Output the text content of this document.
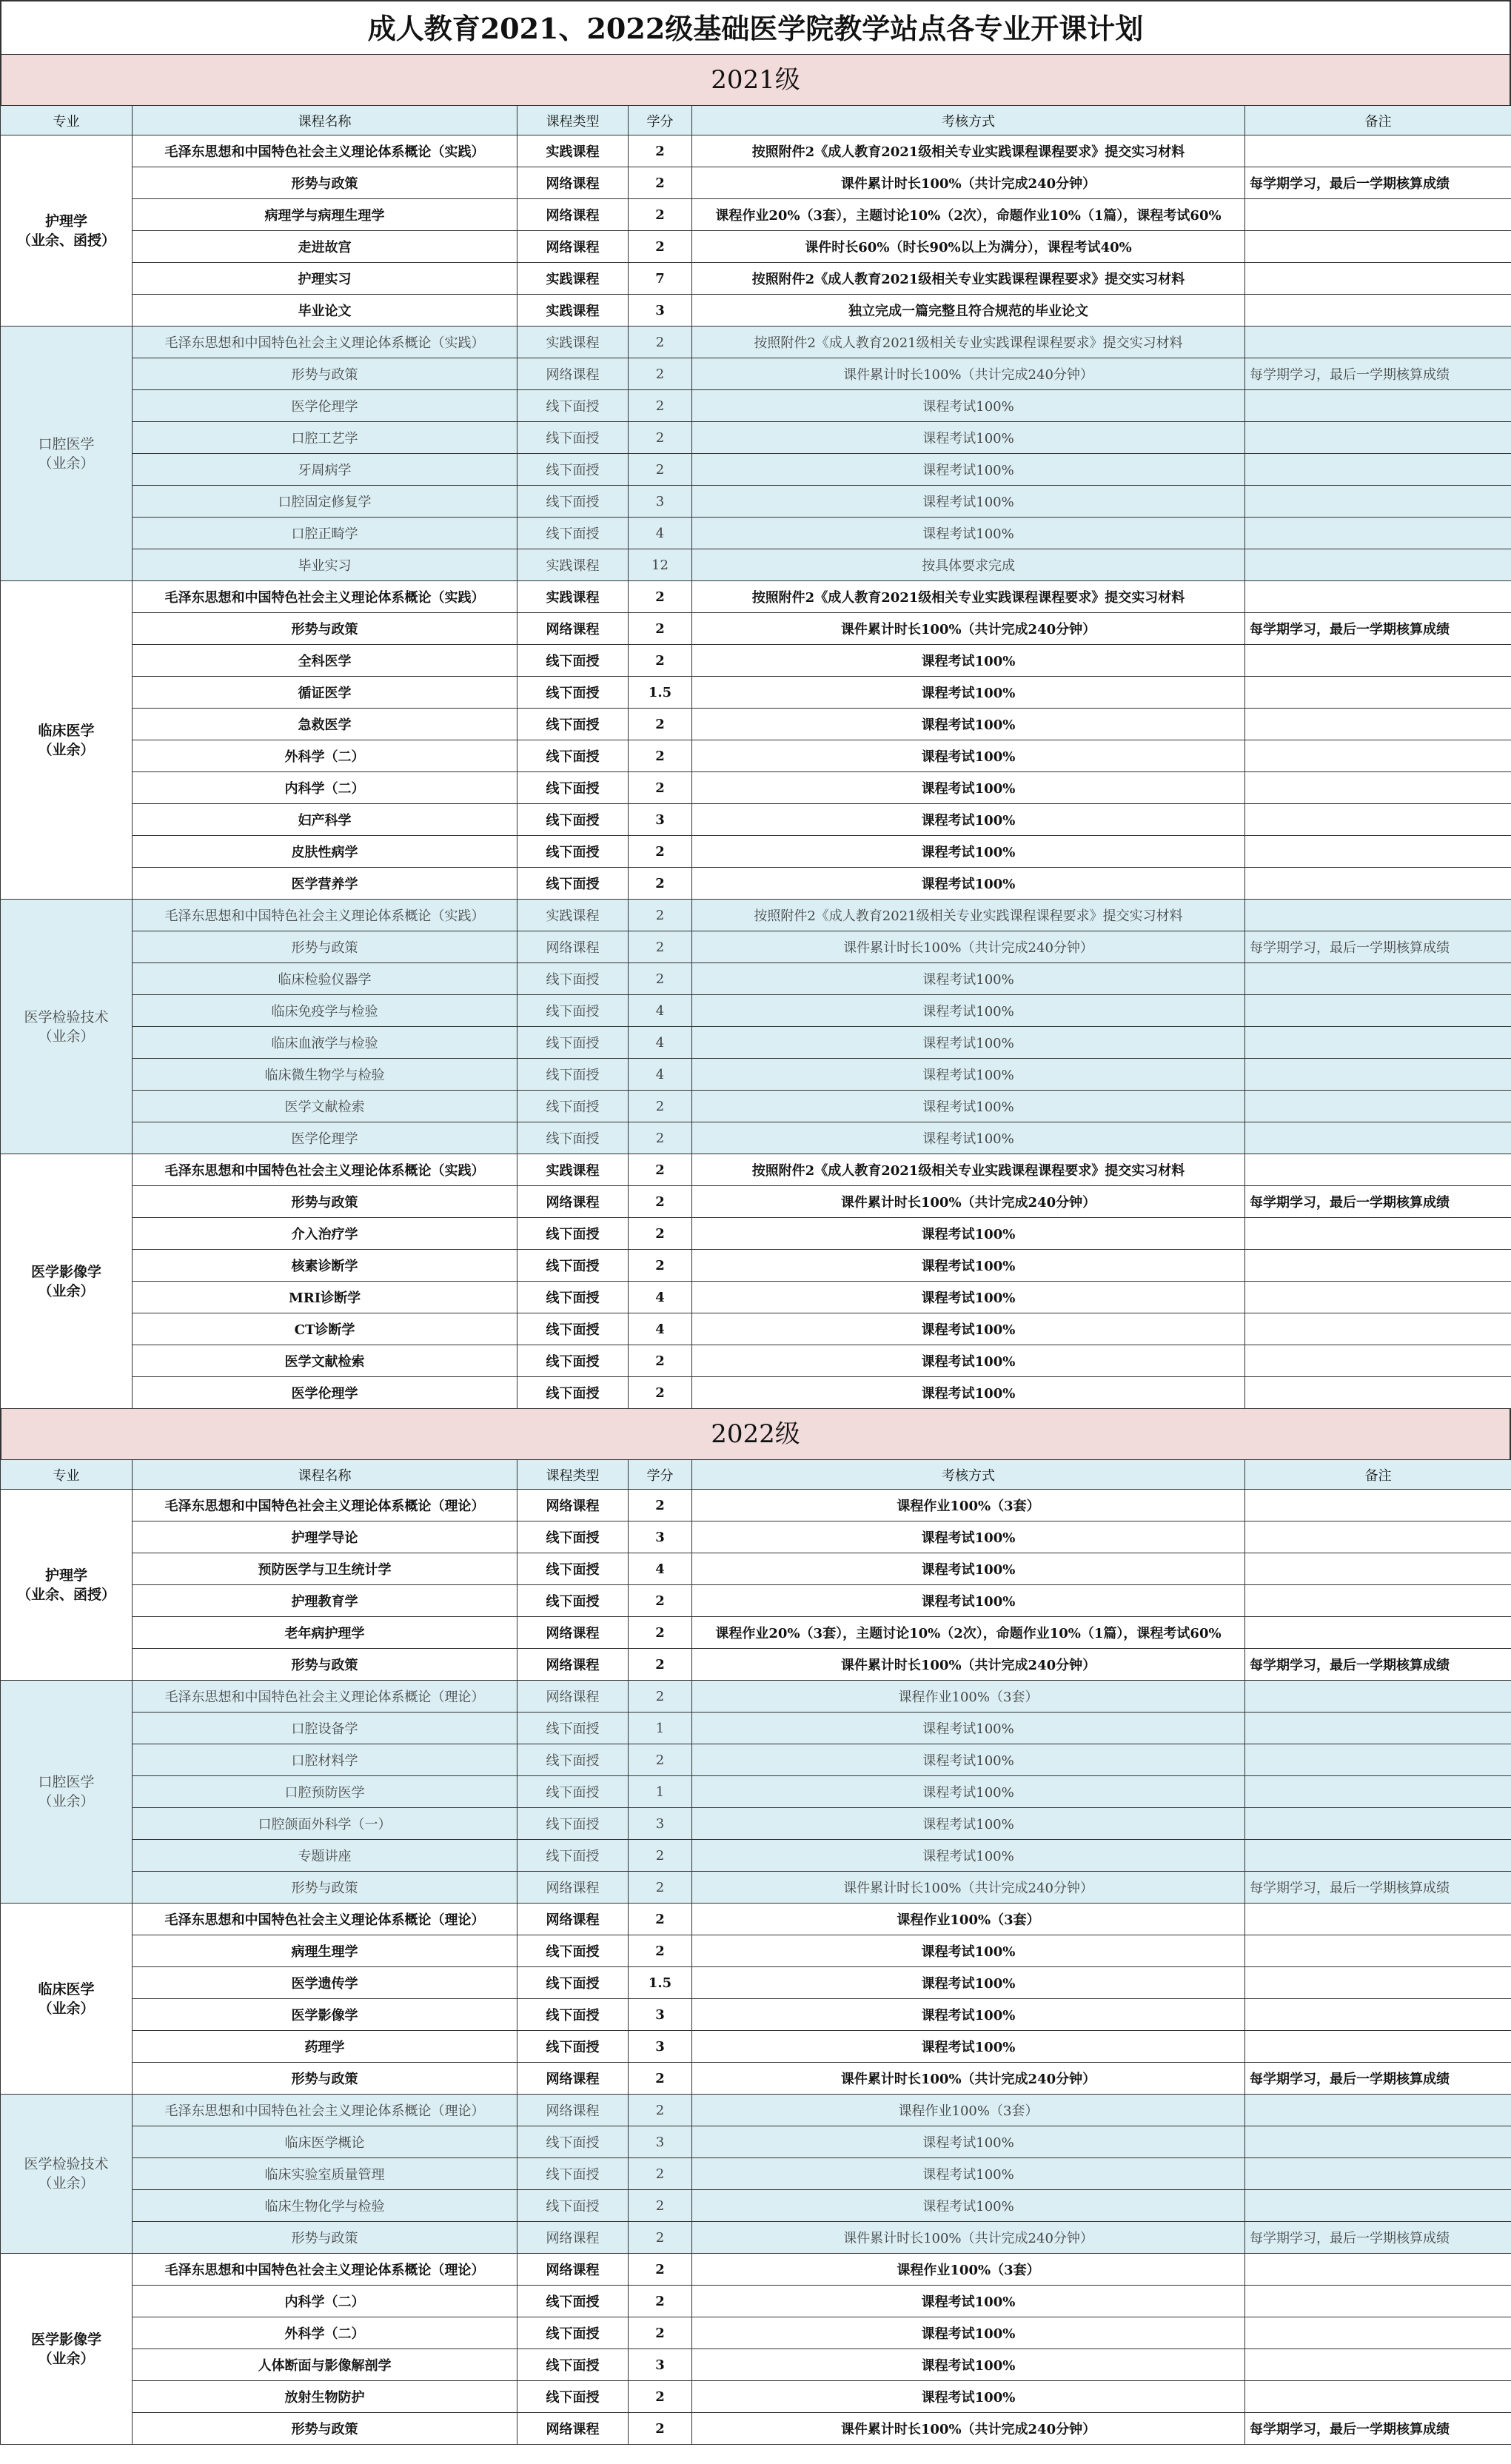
成人教育2021、2022级基础医学院教学站点各专业开课计划
2021级
专业	课程名称	课程类型	学分	考核方式	备注
护理学
（业余、函授）	毛泽东思想和中国特色社会主义理论体系概论（实践）	实践课程	2	按照附件2《成人教育2021级相关专业实践课程课程要求》提交实习材料	
	形势与政策	网络课程	2	课件累计时长100%（共计完成240分钟）	每学期学习，最后一学期核算成绩
	病理学与病理生理学	网络课程	2	课程作业20%（3套），主题讨论10%（2次），命题作业10%（1篇），课程考试60%	
	走进故宫	网络课程	2	课件时长60%（时长90%以上为满分），课程考试40%	
	护理实习	实践课程	7	按照附件2《成人教育2021级相关专业实践课程课程要求》提交实习材料	
	毕业论文	实践课程	3	独立完成一篇完整且符合规范的毕业论文	
口腔医学
（业余）	毛泽东思想和中国特色社会主义理论体系概论（实践）	实践课程	2	按照附件2《成人教育2021级相关专业实践课程课程要求》提交实习材料	
	形势与政策	网络课程	2	课件累计时长100%（共计完成240分钟）	每学期学习，最后一学期核算成绩
	医学伦理学	线下面授	2	课程考试100%	
	口腔工艺学	线下面授	2	课程考试100%	
	牙周病学	线下面授	2	课程考试100%	
	口腔固定修复学	线下面授	3	课程考试100%	
	口腔正畸学	线下面授	4	课程考试100%	
	毕业实习	实践课程	12	按具体要求完成	
临床医学
（业余）	毛泽东思想和中国特色社会主义理论体系概论（实践）	实践课程	2	按照附件2《成人教育2021级相关专业实践课程课程要求》提交实习材料	
	形势与政策	网络课程	2	课件累计时长100%（共计完成240分钟）	每学期学习，最后一学期核算成绩
	全科医学	线下面授	2	课程考试100%	
	循证医学	线下面授	1.5	课程考试100%	
	急救医学	线下面授	2	课程考试100%	
	外科学（二）	线下面授	2	课程考试100%	
	内科学（二）	线下面授	2	课程考试100%	
	妇产科学	线下面授	3	课程考试100%	
	皮肤性病学	线下面授	2	课程考试100%	
	医学营养学	线下面授	2	课程考试100%	
医学检验技术
（业余）	毛泽东思想和中国特色社会主义理论体系概论（实践）	实践课程	2	按照附件2《成人教育2021级相关专业实践课程课程要求》提交实习材料	
	形势与政策	网络课程	2	课件累计时长100%（共计完成240分钟）	每学期学习，最后一学期核算成绩
	临床检验仪器学	线下面授	2	课程考试100%	
	临床免疫学与检验	线下面授	4	课程考试100%	
	临床血液学与检验	线下面授	4	课程考试100%	
	临床微生物学与检验	线下面授	4	课程考试100%	
	医学文献检索	线下面授	2	课程考试100%	
	医学伦理学	线下面授	2	课程考试100%	
医学影像学
（业余）	毛泽东思想和中国特色社会主义理论体系概论（实践）	实践课程	2	按照附件2《成人教育2021级相关专业实践课程课程要求》提交实习材料	
	形势与政策	网络课程	2	课件累计时长100%（共计完成240分钟）	每学期学习，最后一学期核算成绩
	介入治疗学	线下面授	2	课程考试100%	
	核素诊断学	线下面授	2	课程考试100%	
	MRI诊断学	线下面授	4	课程考试100%	
	CT诊断学	线下面授	4	课程考试100%	
	医学文献检索	线下面授	2	课程考试100%	
	医学伦理学	线下面授	2	课程考试100%	
2022级
专业	课程名称	课程类型	学分	考核方式	备注
护理学
（业余、函授）	毛泽东思想和中国特色社会主义理论体系概论（理论）	网络课程	2	课程作业100%（3套）	
	护理学导论	线下面授	3	课程考试100%	
	预防医学与卫生统计学	线下面授	4	课程考试100%	
	护理教育学	线下面授	2	课程考试100%	
	老年病护理学	网络课程	2	课程作业20%（3套），主题讨论10%（2次），命题作业10%（1篇），课程考试60%	
	形势与政策	网络课程	2	课件累计时长100%（共计完成240分钟）	每学期学习，最后一学期核算成绩
口腔医学
（业余）	毛泽东思想和中国特色社会主义理论体系概论（理论）	网络课程	2	课程作业100%（3套）	
	口腔设备学	线下面授	1	课程考试100%	
	口腔材料学	线下面授	2	课程考试100%	
	口腔预防医学	线下面授	1	课程考试100%	
	口腔颌面外科学（一）	线下面授	3	课程考试100%	
	专题讲座	线下面授	2	课程考试100%	
	形势与政策	网络课程	2	课件累计时长100%（共计完成240分钟）	每学期学习，最后一学期核算成绩
临床医学
（业余）	毛泽东思想和中国特色社会主义理论体系概论（理论）	网络课程	2	课程作业100%（3套）	
	病理生理学	线下面授	2	课程考试100%	
	医学遗传学	线下面授	1.5	课程考试100%	
	医学影像学	线下面授	3	课程考试100%	
	药理学	线下面授	3	课程考试100%	
	形势与政策	网络课程	2	课件累计时长100%（共计完成240分钟）	每学期学习，最后一学期核算成绩
医学检验技术
（业余）	毛泽东思想和中国特色社会主义理论体系概论（理论）	网络课程	2	课程作业100%（3套）	
	临床医学概论	线下面授	3	课程考试100%	
	临床实验室质量管理	线下面授	2	课程考试100%	
	临床生物化学与检验	线下面授	2	课程考试100%	
	形势与政策	网络课程	2	课件累计时长100%（共计完成240分钟）	每学期学习，最后一学期核算成绩
医学影像学
（业余）	毛泽东思想和中国特色社会主义理论体系概论（理论）	网络课程	2	课程作业100%（3套）	
	内科学（二）	线下面授	2	课程考试100%	
	外科学（二）	线下面授	2	课程考试100%	
	人体断面与影像解剖学	线下面授	3	课程考试100%	
	放射生物防护	线下面授	2	课程考试100%	
	形势与政策	网络课程	2	课件累计时长100%（共计完成240分钟）	每学期学习，最后一学期核算成绩
